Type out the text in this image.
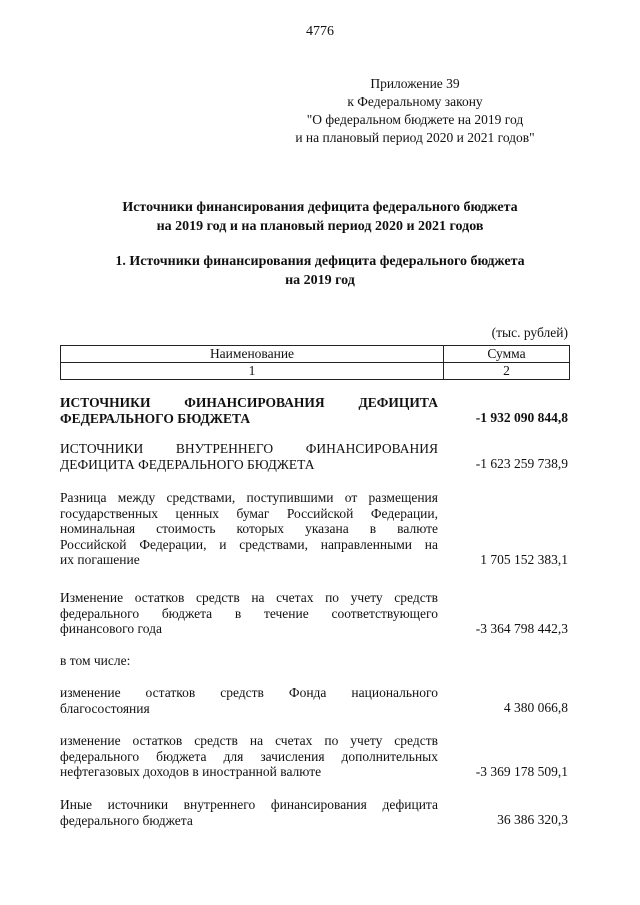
4776
Приложение 39
к Федеральному закону
"О федеральном бюджете на 2019 год
и на плановый период 2020 и 2021 годов"
Источники финансирования дефицита федерального бюджета
на 2019 год и на плановый период 2020 и 2021 годов
1. Источники финансирования дефицита федерального бюджета
на 2019 год
(тыс. рублей)
Наименование	Сумма
1	2
ИСТОЧНИКИ ФИНАНСИРОВАНИЯ ДЕФИЦИТА
ФЕДЕРАЛЬНОГО БЮДЖЕТА	-1 932 090 844,8
ИСТОЧНИКИ ВНУТРЕННЕГО ФИНАНСИРОВАНИЯ
ДЕФИЦИТА ФЕДЕРАЛЬНОГО БЮДЖЕТА	-1 623 259 738,9
Разница между средствами, поступившими от размещения
государственных ценных бумаг Российской Федерации,
номинальная стоимость которых указана в валюте
Российской Федерации, и средствами, направленными на
их погашение	1 705 152 383,1
Изменение остатков средств на счетах по учету средств
федерального бюджета в течение соответствующего
финансового года	-3 364 798 442,3
в том числе:
изменение остатков средств Фонда национального
благосостояния	4 380 066,8
изменение остатков средств на счетах по учету средств
федерального бюджета для зачисления дополнительных
нефтегазовых доходов в иностранной валюте	-3 369 178 509,1
Иные источники внутреннего финансирования дефицита
федерального бюджета	36 386 320,3
